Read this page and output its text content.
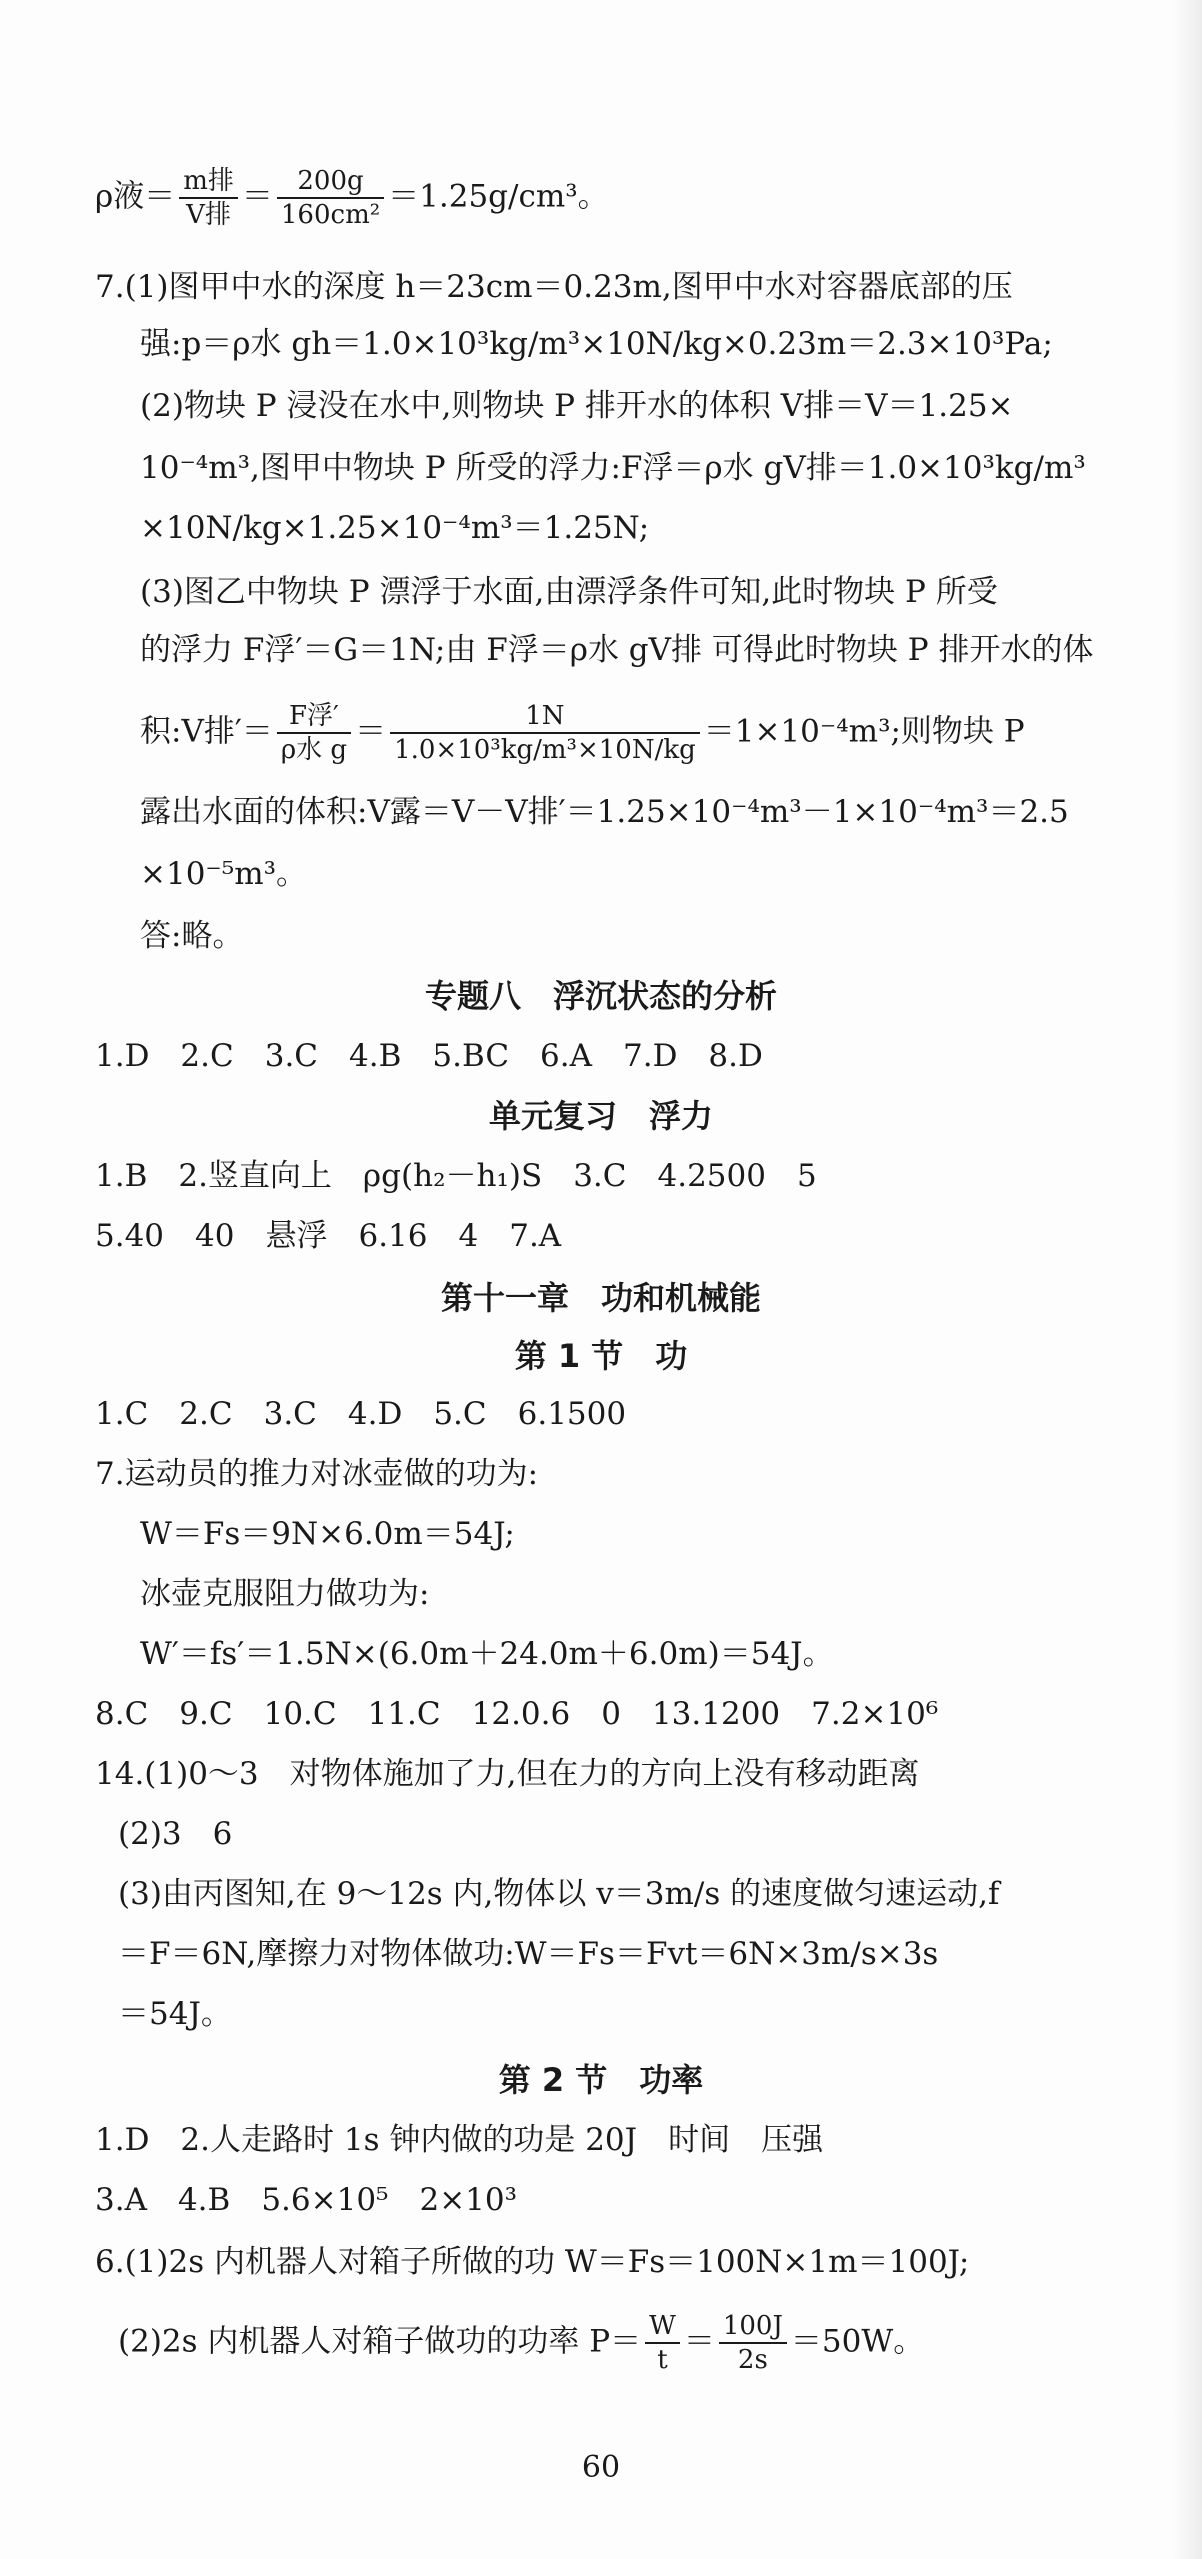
ρ液＝ $\frac{\text{m排}}{\text{V排}} = \frac{200g}{\text{160cm²}} =1.25g/cm^3$。
7.(1)图甲中水的深度 h＝23cm＝0.23m,图甲中水对容器底部的压
强:p＝ρ水 gh＝1.0×10³kg/m³×10N/kg×0.23m＝2.3×10³Pa;
(2)物块 P 浸没在水中,则物块 P 排开水的体积 V排＝V＝1.25×
10⁻⁴m³,图甲中物块 P 所受的浮力:F浮＝ρ水 gV排＝1.0×10³kg/m³
×10N/kg×1.25×10⁻⁴m³＝1.25N;
(3)图乙中物块 P 漂浮于水面,由漂浮条件可知,此时物块 P 所受
的浮力 F浮′＝G＝1N;由 F浮＝ρ水 gV排 可得此时物块 P 排开水的体
积:V排′＝ $\frac{\text{F浮′}}{\text{ρ水 g}} = \frac{1N}{\text{1.0×10³kg/m³×10N/kg}} =1\times 10^{-4}m^3$;则物块 P
露出水面的体积:V露＝V－V排′＝1.25×10⁻⁴m³－1×10⁻⁴m³＝2.5
×10⁻⁵m³。
答:略。
专题八　浮沉状态的分析
1.D　2.C　3.C　4.B　5.BC　6.A　7.D　8.D
单元复习　浮力
1.B　2.竖直向上　ρg(h₂－h₁)S　3.C　4.2500　5
5.40　40　悬浮　6.16　4　7.A
第十一章　功和机械能
第 1 节　功
1.C　2.C　3.C　4.D　5.C　6.1500
7.运动员的推力对冰壶做的功为:
W＝Fs＝9N×6.0m＝54J;
冰壶克服阻力做功为:
W′＝fs′＝1.5N×(6.0m＋24.0m＋6.0m)＝54J。
8.C　9.C　10.C　11.C　12.0.6　0　13.1200　7.2×10⁶
14.(1)0～3　对物体施加了力,但在力的方向上没有移动距离
(2)3　6
(3)由丙图知,在 9～12s 内,物体以 v＝3m/s 的速度做匀速运动,f
＝F＝6N,摩擦力对物体做功:W＝Fs＝Fvt＝6N×3m/s×3s
＝54J。
第 2 节　功率
1.D　2.人走路时 1s 钟内做的功是 20J　时间　压强
3.A　4.B　5.6×10⁵　2×10³
6.(1)2s 内机器人对箱子所做的功 W＝Fs＝100N×1m＝100J;
(2)2s 内机器人对箱子做功的功率 $P= \frac{W}{t} = \frac{100J}{2s} =50W$。
60
